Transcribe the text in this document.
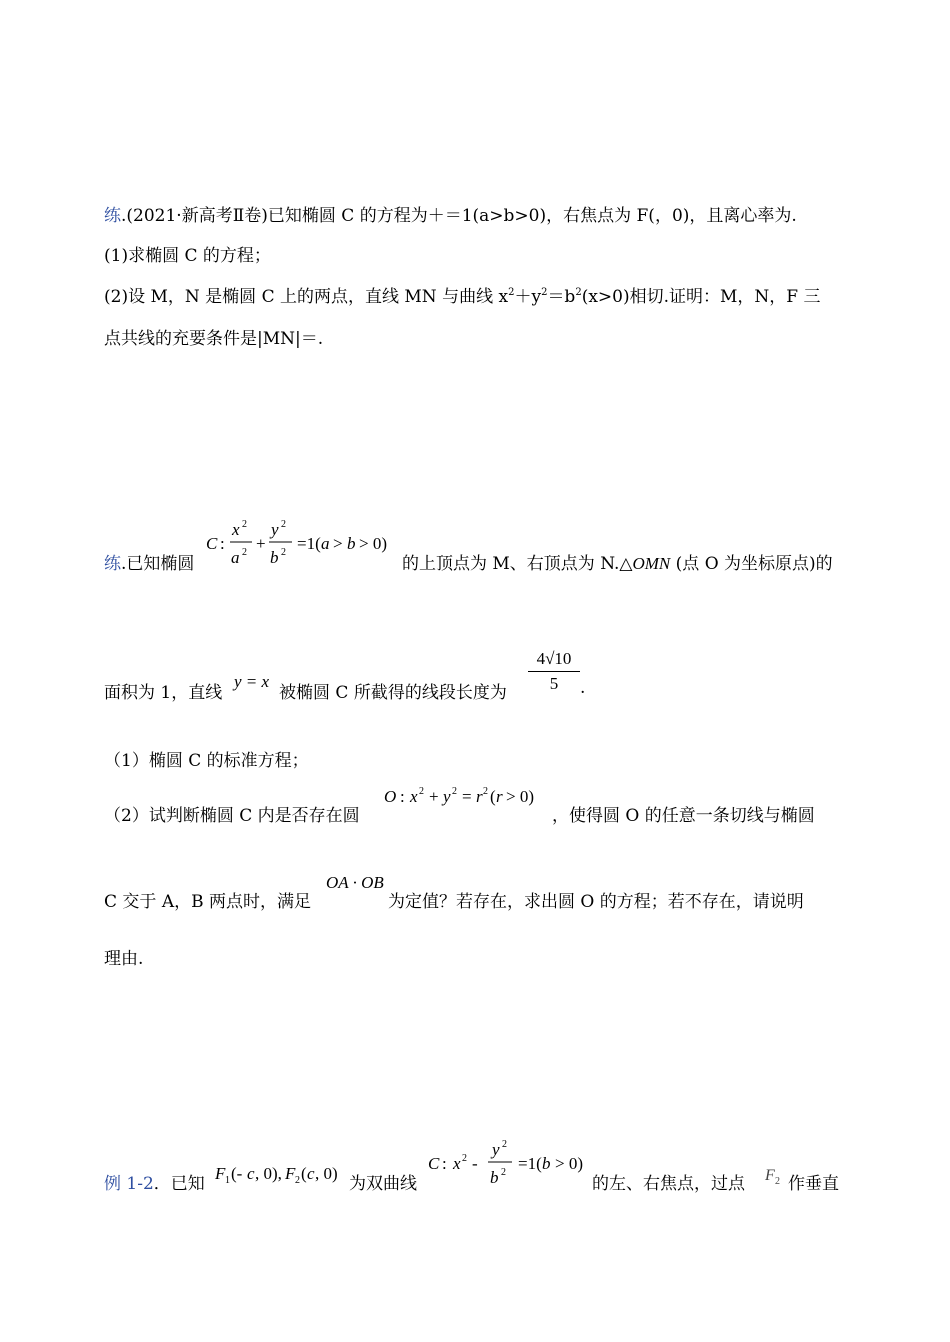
练.(2021·新高考Ⅱ卷)已知椭圆 C 的方程为＋＝1(a>b>0)，右焦点为 F(，0)，且离心率为.
(1)求椭圆 C 的方程；
(2)设 M，N 是椭圆 C 上的两点，直线 MN 与曲线 $x^2+y^2=b^2(x>0)$相切.证明：M，N，F 三
点共线的充要条件是|MN|＝.
练.已知椭圆
C :
x 2
a 2 +
y 2
b 2 =1( a > b > 0)
的上顶点为 M、右顶点为 N.△OMN (点 O 为坐标原点)的
面积为 1，直线
y = x
被椭圆 C 所截得的线段长度为 $\frac{4√10}{5}$ .
（1）椭圆 C 的标准方程；
（2）试判断椭圆 C 内是否存在圆
O : x 2 + y 2 = r 2 ( r > 0)
，使得圆 O 的任意一条切线与椭圆
C 交于 A，B 两点时，满足
OA · OB
为定值？若存在，求出圆 O 的方程；若不存在，请说明
理由.
例 1-2．已知
F 1 (- c , 0), F 2 ( c , 0)
为双曲线
C : x 2 -
y 2
b 2 =1( b > 0)
的左、右焦点，过点 F 2 作垂直
